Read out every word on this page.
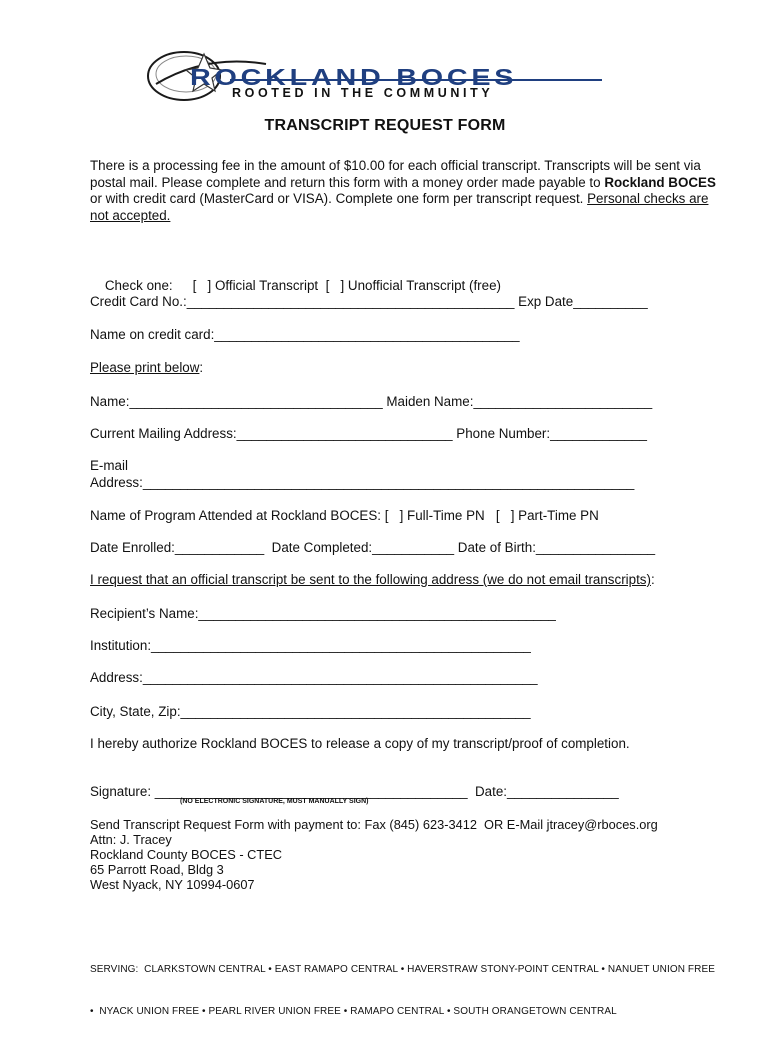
ROCKLAND BOCES
ROOTED IN THE COMMUNITY
TRANSCRIPT REQUEST FORM
There is a processing fee in the amount of $10.00 for each official transcript. Transcripts will be sent via postal mail. Please complete and return this form with a money order made payable to Rockland BOCES or with credit card (MasterCard or VISA). Complete one form per transcript request. Personal checks are not accepted.

Check one: [   ] Official Transcript [   ] Unofficial Transcript (free)

Credit Card No.:____________________________________________ Exp Date__________
Name on credit card:_________________________________________
Please print below:
Name:__________________________________ Maiden Name:________________________
Current Mailing Address:_____________________________ Phone Number:_____________
E-mail
Address:__________________________________________________________________
Name of Program Attended at Rockland BOCES: [   ] Full-Time PN   [   ] Part-Time PN
Date Enrolled:____________  Date Completed:___________ Date of Birth:________________
I request that an official transcript be sent to the following address (we do not email transcripts):
Recipient’s Name:________________________________________________
Institution:___________________________________________________
Address:_____________________________________________________
City, State, Zip:_______________________________________________
I hereby authorize Rockland BOCES to release a copy of my transcript/proof of completion.
Signature: __________________________________________  Date:_______________
(NO ELECTRONIC SIGNATURE, MUST MANUALLY SIGN)
Send Transcript Request Form with payment to: Fax (845) 623-3412  OR E-Mail jtracey@rboces.org
Attn: J. Tracey
Rockland County BOCES - CTEC
65 Parrott Road, Bldg 3
West Nyack, NY 10994-0607

SERVING:  CLARKSTOWN CENTRAL • EAST RAMAPO CENTRAL • HAVERSTRAW STONY-POINT CENTRAL • NANUET UNION FREE

•  NYACK UNION FREE • PEARL RIVER UNION FREE • RAMAPO CENTRAL • SOUTH ORANGETOWN CENTRAL
